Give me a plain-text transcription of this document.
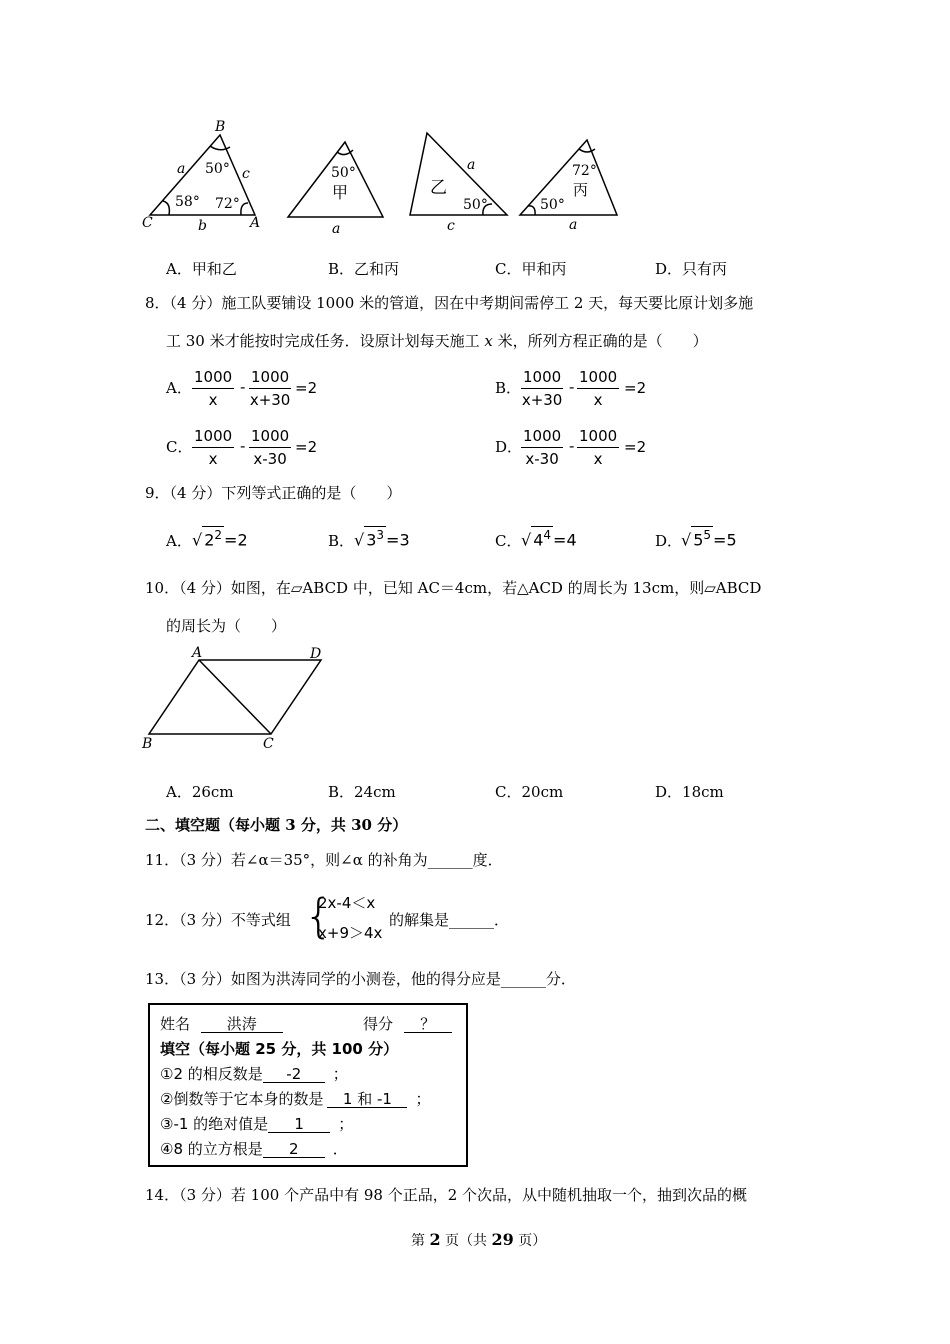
B
a	c
50°
58° 72°
C	b	A
50°
甲
a
乙
a
50°
c
72°
丙
50°
a
A．甲和乙	B．乙和丙	C．甲和丙	D．只有丙
8．（4 分）施工队要铺设 1000 米的管道，因在中考期间需停工 2 天，每天要比原计划多施
工 30 米才能按时完成任务．设原计划每天施工 x 米，所列方程正确的是（　　）
A． $\frac{1000}{x} - \frac{1000}{x+30} =2$	B． $\frac{1000}{x+30} - \frac{1000}{x} =2$
C． $\frac{1000}{x} - \frac{1000}{x-30} =2$	D．
$\frac{1000}{x-30} - \frac{1000}{x} =2$
9．（4 分）下列等式正确的是（　　）
A． √ $2^2 =2$	B． √ $3^3 =3$	C． √ $4^4 =4$	D．
√ $5^5 =5$
10．（4 分）如图，在▱ABCD 中，已知 AC＝4cm，若△ACD 的周长为 13cm，则▱ABCD
的周长为（　　）
A	D
B	C
A．26cm	B．24cm	C．20cm	D．18cm
二、填空题（每小题 3 分，共 30 分）
11．（3 分）若∠α＝35°，则∠α 的补角为______度．
12．（3 分）不等式组 {
2x-4＜x
x+9＞4x
的解集是______．
13．（3 分）如图为洪涛同学的小测卷，他的得分应是______分．
姓名 洪涛	得分 ？
填空（每小题 25 分，共 100 分）
①2 的相反数是 -2 ；
②倒数等于它本身的数是 1 和 -1 ；
③-1 的绝对值是 1 ；
④8 的立方根是 2 ．
14．（3 分）若 100 个产品中有 98 个正品，2 个次品，从中随机抽取一个，抽到次品的概
第 2 页（共 29 页）
